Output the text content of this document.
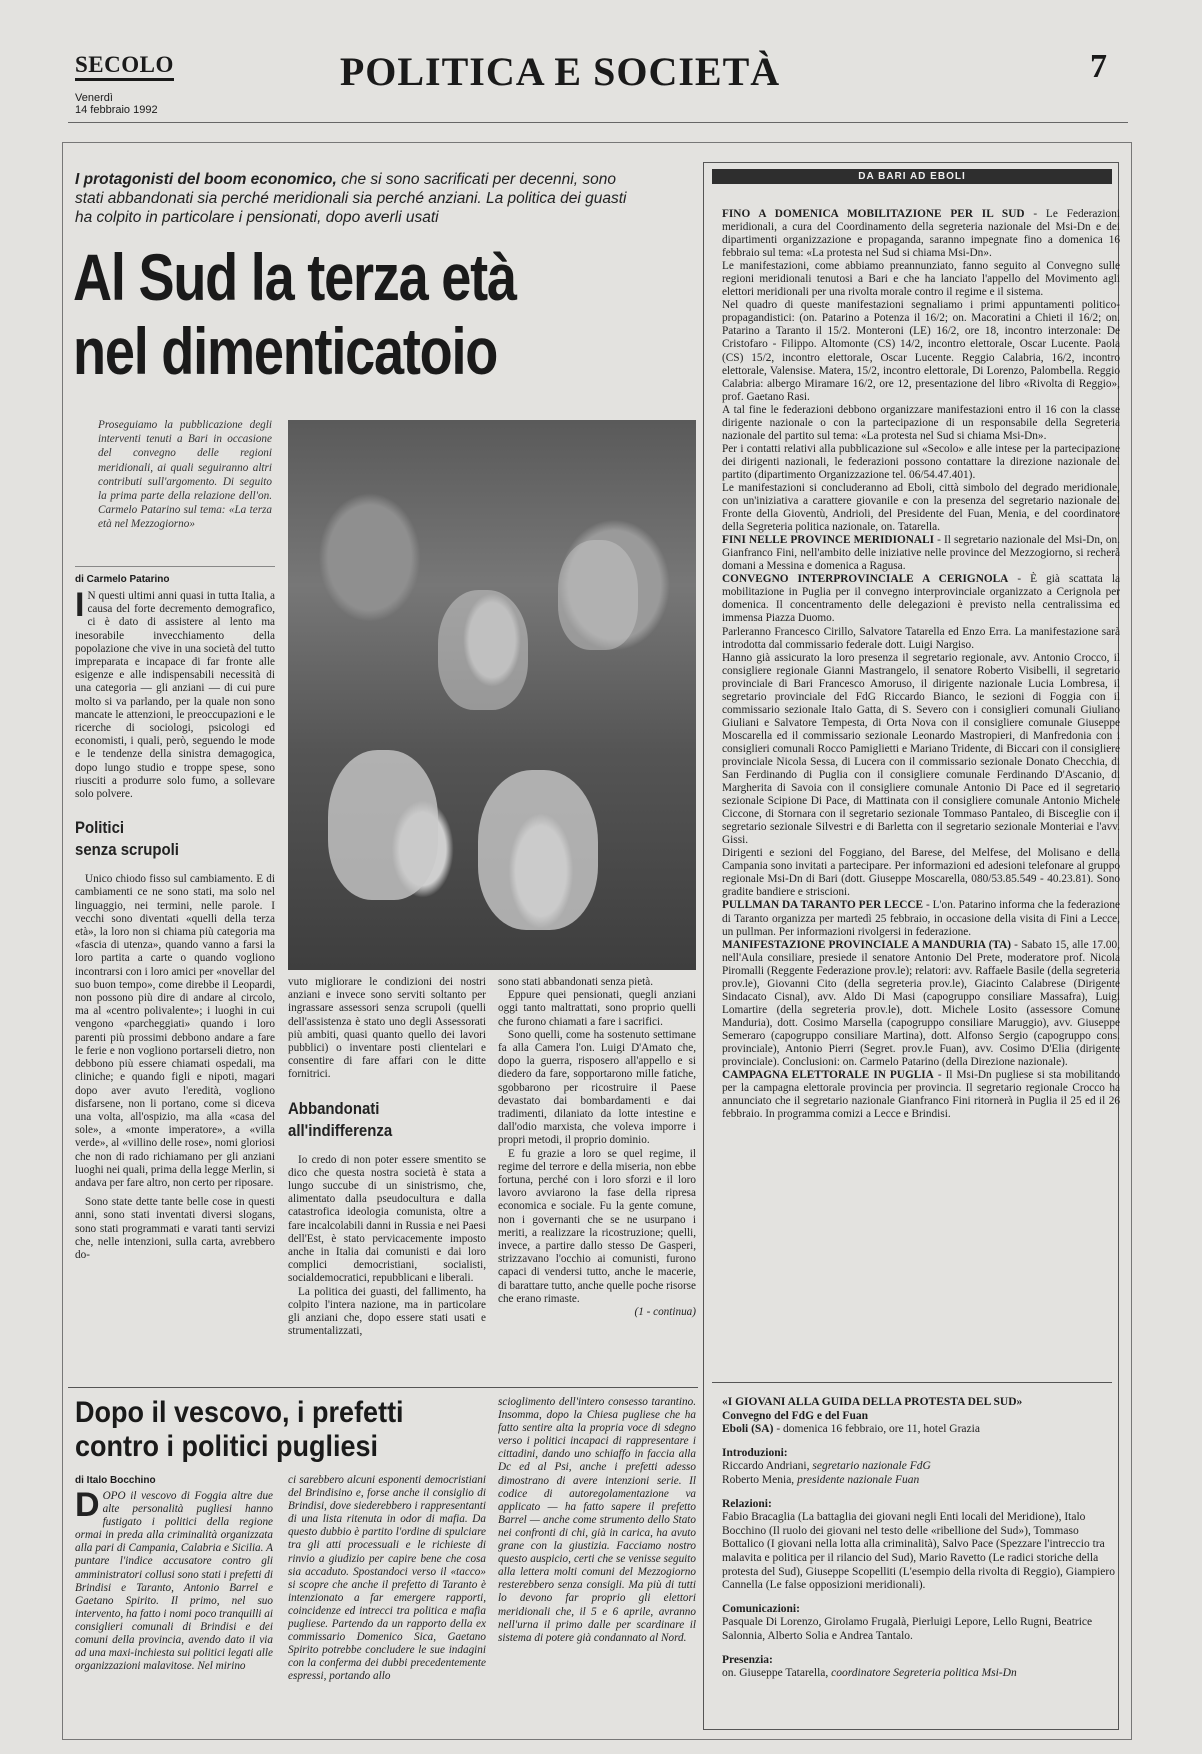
SECOLO
Venerdì
14 febbraio 1992
POLITICA E SOCIETÀ	7
I protagonisti del boom economico, che si sono sacrificati per decenni, sono stati abbandonati sia perché meridionali sia perché anziani. La politica dei guasti ha colpito in particolare i pensionati, dopo averli usati
Al Sud la terza età
nel dimenticatoio
Proseguiamo la pubblicazione degli interventi tenuti a Bari in occasione del convegno delle regioni meridionali, ai quali seguiranno altri contributi sull'argomento. Di seguito la prima parte della relazione dell'on. Carmelo Patarino sul tema: «La terza età nel Mezzogiorno»
di Carmelo Patarino
I N questi ultimi anni quasi in tutta Italia, a causa del forte decremento demografico, ci è dato di assistere al lento ma inesorabile invecchiamento della popolazione che vive in una società del tutto impreparata e incapace di far fronte alle esigenze e alle indispensabili necessità di una categoria — gli anziani — di cui pure molto si va parlando, per la quale non sono mancate le attenzioni, le preoccupazioni e le ricerche di sociologi, psicologi ed economisti, i quali, però, seguendo le mode e le tendenze della sinistra demagogica, dopo lungo studio e troppe spese, sono riusciti a produrre solo fumo, a sollevare solo polvere.
Politici
senza scrupoli

Unico chiodo fisso sul cambiamento. E di cambiamenti ce ne sono stati, ma solo nel linguaggio, nei termini, nelle parole. I vecchi sono diventati «quelli della terza età», la loro non si chiama più categoria ma «fascia di utenza», quando vanno a farsi la loro partita a carte o quando vogliono incontrarsi con i loro amici per «novellar del suo buon tempo», come direbbe il Leopardi, non possono più dire di andare al circolo, ma al «centro polivalente»; i luoghi in cui vengono «parcheggiati» quando i loro parenti più prossimi debbono andare a fare le ferie e non vogliono portarseli dietro, non debbono più essere chiamati ospedali, ma cliniche; e quando figli e nipoti, magari dopo aver avuto l'eredità, vogliono disfarsene, non li portano, come si diceva una volta, all'ospizio, ma alla «casa del sole», a «monte imperatore», a «villa verde», al «villino delle rose», nomi gloriosi che non di rado richiamano per gli anziani luoghi nei quali, prima della legge Merlin, si andava per fare altro, non certo per riposare.

Sono state dette tante belle cose in questi anni, sono stati inventati diversi slogans, sono stati programmati e varati tanti servizi che, nelle intenzioni, sulla carta, avrebbero do-

vuto migliorare le condizioni dei nostri anziani e invece sono serviti soltanto per ingrassare assessori senza scrupoli (quelli dell'assistenza è stato uno degli Assessorati più ambiti, quasi quanto quello dei lavori pubblici) o inventare posti clientelari e consentire di fare affari con le ditte fornitrici.

Abbandonati
all'indifferenza

Io credo di non poter essere smentito se dico che questa nostra società è stata a lungo succube di un sinistrismo, che, alimentato dalla pseudocultura e dalla catastrofica ideologia comunista, oltre a fare incalcolabili danni in Russia e nei Paesi dell'Est, è stato pervicacemente imposto anche in Italia dai comunisti e dai loro complici democristiani, socialisti, socialdemocratici, repubblicani e liberali.

La politica dei guasti, del fallimento, ha colpito l'intera nazione, ma in particolare gli anziani che, dopo essere stati usati e strumentalizzati,

sono stati abbandonati senza pietà.

Eppure quei pensionati, quegli anziani oggi tanto maltrattati, sono proprio quelli che furono chiamati a fare i sacrifici.

Sono quelli, come ha sostenuto settimane fa alla Camera l'on. Luigi D'Amato che, dopo la guerra, risposero all'appello e si diedero da fare, sopportarono mille fatiche, sgobbarono per ricostruire il Paese devastato dai bombardamenti e dai tradimenti, dilaniato da lotte intestine e dall'odio marxista, che voleva imporre i propri metodi, il proprio dominio.

E fu grazie a loro se quel regime, il regime del terrore e della miseria, non ebbe fortuna, perché con i loro sforzi e il loro lavoro avviarono la fase della ripresa economica e sociale. Fu la gente comune, non i governanti che se ne usurpano i meriti, a realizzare la ricostruzione; quelli, invece, a partire dallo stesso De Gasperi, strizzavano l'occhio ai comunisti, furono capaci di vendersi tutto, anche le macerie, di barattare tutto, anche quelle poche risorse che erano rimaste.

(1 - continua)
Dopo il vescovo, i prefetti
contro i politici pugliesi
di Italo Bocchino
D OPO il vescovo di Foggia altre due alte personalità pugliesi hanno fustigato i politici della regione ormai in preda alla criminalità organizzata alla pari di Campania, Calabria e Sicilia. A puntare l'indice accusatore contro gli amministratori collusi sono stati i prefetti di Brindisi e Taranto, Antonio Barrel e Gaetano Spirito. Il primo, nel suo intervento, ha fatto i nomi poco tranquilli ai consiglieri comunali di Brindisi e dei comuni della provincia, avendo dato il via ad una maxi-inchiesta sui politici legati alle organizzazioni malavitose. Nel mirino
ci sarebbero alcuni esponenti democristiani del Brindisino e, forse anche il consiglio di Brindisi, dove siederebbero i rappresentanti di una lista ritenuta in odor di mafia. Da questo dubbio è partito l'ordine di spulciare tra gli atti processuali e le richieste di rinvio a giudizio per capire bene che cosa sia accaduto. Spostandoci verso il «tacco» si scopre che anche il prefetto di Taranto è intenzionato a far emergere rapporti, coincidenze ed intrecci tra politica e mafia pugliese. Partendo da un rapporto della ex commissario Domenico Sica, Gaetano Spirito potrebbe concludere le sue indagini con la conferma dei dubbi precedentemente espressi, portando allo
scioglimento dell'intero consesso tarantino. Insomma, dopo la Chiesa pugliese che ha fatto sentire alta la propria voce di sdegno verso i politici incapaci di rappresentare i cittadini, dando uno schiaffo in faccia alla Dc ed al Psi, anche i prefetti adesso dimostrano di avere intenzioni serie. Il codice di autoregolamentazione va applicato — ha fatto sapere il prefetto Barrel — anche come strumento dello Stato nei confronti di chi, già in carica, ha avuto grane con la giustizia. Facciamo nostro questo auspicio, certi che se venisse seguito alla lettera molti comuni del Mezzogiorno resterebbero senza consigli. Ma più di tutti lo devono far proprio gli elettori meridionali che, il 5 e 6 aprile, avranno nell'urna il primo dalle per scardinare il sistema di potere già condannato al Nord.
DA BARI AD EBOLI

FINO A DOMENICA MOBILITAZIONE PER IL SUD - Le Federazioni meridionali, a cura del Coordinamento della segreteria nazionale del Msi-Dn e dei dipartimenti organizzazione e propaganda, saranno impegnate fino a domenica 16 febbraio sul tema: «La protesta nel Sud si chiama Msi-Dn».

Le manifestazioni, come abbiamo preannunziato, fanno seguito al Convegno sulle regioni meridionali tenutosi a Bari e che ha lanciato l'appello del Movimento agli elettori meridionali per una rivolta morale contro il regime e il sistema.

Nel quadro di queste manifestazioni segnaliamo i primi appuntamenti politico-propagandistici: (on. Patarino a Potenza il 16/2; on. Macoratini a Chieti il 16/2; on. Patarino a Taranto il 15/2. Monteroni (LE) 16/2, ore 18, incontro interzonale: De Cristofaro - Filippo. Altomonte (CS) 14/2, incontro elettorale, Oscar Lucente. Paola (CS) 15/2, incontro elettorale, Oscar Lucente. Reggio Calabria, 16/2, incontro elettorale, Valensise. Matera, 15/2, incontro elettorale, Di Lorenzo, Palombella. Reggio Calabria: albergo Miramare 16/2, ore 12, presentazione del libro «Rivolta di Reggio», prof. Gaetano Rasi.

A tal fine le federazioni debbono organizzare manifestazioni entro il 16 con la classe dirigente nazionale o con la partecipazione di un responsabile della Segreteria nazionale del partito sul tema: «La protesta nel Sud si chiama Msi-Dn».

Per i contatti relativi alla pubblicazione sul «Secolo» e alle intese per la partecipazione dei dirigenti nazionali, le federazioni possono contattare la direzione nazionale del partito (dipartimento Organizzazione tel. 06/54.47.401).

Le manifestazioni si concluderanno ad Eboli, città simbolo del degrado meridionale, con un'iniziativa a carattere giovanile e con la presenza del segretario nazionale del Fronte della Gioventù, Andrioli, del Presidente del Fuan, Menia, e del coordinatore della Segreteria politica nazionale, on. Tatarella.

FINI NELLE PROVINCE MERIDIONALI - Il segretario nazionale del Msi-Dn, on. Gianfranco Fini, nell'ambito delle iniziative nelle province del Mezzogiorno, si recherà domani a Messina e domenica a Ragusa.

CONVEGNO INTERPROVINCIALE A CERIGNOLA - È già scattata la mobilitazione in Puglia per il convegno interprovinciale organizzato a Cerignola per domenica. Il concentramento delle delegazioni è previsto nella centralissima ed immensa Piazza Duomo.

Parleranno Francesco Cirillo, Salvatore Tatarella ed Enzo Erra. La manifestazione sarà introdotta dal commissario federale dott. Luigi Nargiso.

Hanno già assicurato la loro presenza il segretario regionale, avv. Antonio Crocco, il consigliere regionale Gianni Mastrangelo, il senatore Roberto Visibelli, il segretario provinciale di Bari Francesco Amoruso, il dirigente nazionale Lucia Lombresa, il segretario provinciale del FdG Riccardo Bianco, le sezioni di Foggia con il commissario sezionale Italo Gatta, di S. Severo con i consiglieri comunali Giuliano Giuliani e Salvatore Tempesta, di Orta Nova con il consigliere comunale Giuseppe Moscarella ed il commissario sezionale Leonardo Mastropieri, di Manfredonia con i consiglieri comunali Rocco Pamiglietti e Mariano Tridente, di Biccari con il consigliere provinciale Nicola Sessa, di Lucera con il commissario sezionale Donato Checchia, di San Ferdinando di Puglia con il consigliere comunale Ferdinando D'Ascanio, di Margherita di Savoia con il consigliere comunale Antonio Di Pace ed il segretario sezionale Scipione Di Pace, di Mattinata con il consigliere comunale Antonio Michele Ciccone, di Stornara con il segretario sezionale Tommaso Pantaleo, di Bisceglie con il segretario sezionale Silvestri e di Barletta con il segretario sezionale Monteriai e l'avv. Gissi.

Dirigenti e sezioni del Foggiano, del Barese, del Melfese, del Molisano e della Campania sono invitati a partecipare. Per informazioni ed adesioni telefonare al gruppo regionale Msi-Dn di Bari (dott. Giuseppe Moscarella, 080/53.85.549 - 40.23.81). Sono gradite bandiere e striscioni.

PULLMAN DA TARANTO PER LECCE - L'on. Patarino informa che la federazione di Taranto organizza per martedì 25 febbraio, in occasione della visita di Fini a Lecce, un pullman. Per informazioni rivolgersi in federazione.

MANIFESTAZIONE PROVINCIALE A MANDURIA (TA) - Sabato 15, alle 17.00, nell'Aula consiliare, presiede il senatore Antonio Del Prete, moderatore prof. Nicola Piromalli (Reggente Federazione prov.le); relatori: avv. Raffaele Basile (della segreteria prov.le), Giovanni Cito (della segreteria prov.le), Giacinto Calabrese (Dirigente Sindacato Cisnal), avv. Aldo Di Masi (capogruppo consiliare Massafra), Luigi Lomartire (della segreteria prov.le), dott. Michele Losito (assessore Comune Manduria), dott. Cosimo Marsella (capogruppo consiliare Maruggio), avv. Giuseppe Semeraro (capogruppo consiliare Martina), dott. Alfonso Sergio (capogruppo cons. provinciale), Antonio Pierri (Segret. prov.le Fuan), avv. Cosimo D'Elia (dirigente provinciale). Conclusioni: on. Carmelo Patarino (della Direzione nazionale).

CAMPAGNA ELETTORALE IN PUGLIA - Il Msi-Dn pugliese si sta mobilitando per la campagna elettorale provincia per provincia. Il segretario regionale Crocco ha annunciato che il segretario nazionale Gianfranco Fini ritornerà in Puglia il 25 ed il 26 febbraio. In programma comizi a Lecce e Brindisi.

«I GIOVANI ALLA GUIDA DELLA PROTESTA DEL SUD»
Convegno del FdG e del Fuan
Eboli (SA) - domenica 16 febbraio, ore 11, hotel Grazia
Introduzioni:
Riccardo Andriani, segretario nazionale FdG
Roberto Menia, presidente nazionale Fuan
Relazioni:
Fabio Bracaglia (La battaglia dei giovani negli Enti locali del Meridione), Italo Bocchino (Il ruolo dei giovani nel testo delle «ribellione del Sud»), Tommaso Bottalico (I giovani nella lotta alla criminalità), Salvo Pace (Spezzare l'intreccio tra malavita e politica per il rilancio del Sud), Mario Ravetto (Le radici storiche della protesta del Sud), Giuseppe Scopelliti (L'esempio della rivolta di Reggio), Giampiero Cannella (Le false opposizioni meridionali).
Comunicazioni:
Pasquale Di Lorenzo, Girolamo Frugalà, Pierluigi Lepore, Lello Rugni, Beatrice Salonnia, Alberto Solia e Andrea Tantalo.
Presenzia:
on. Giuseppe Tatarella, coordinatore Segreteria politica Msi-Dn
